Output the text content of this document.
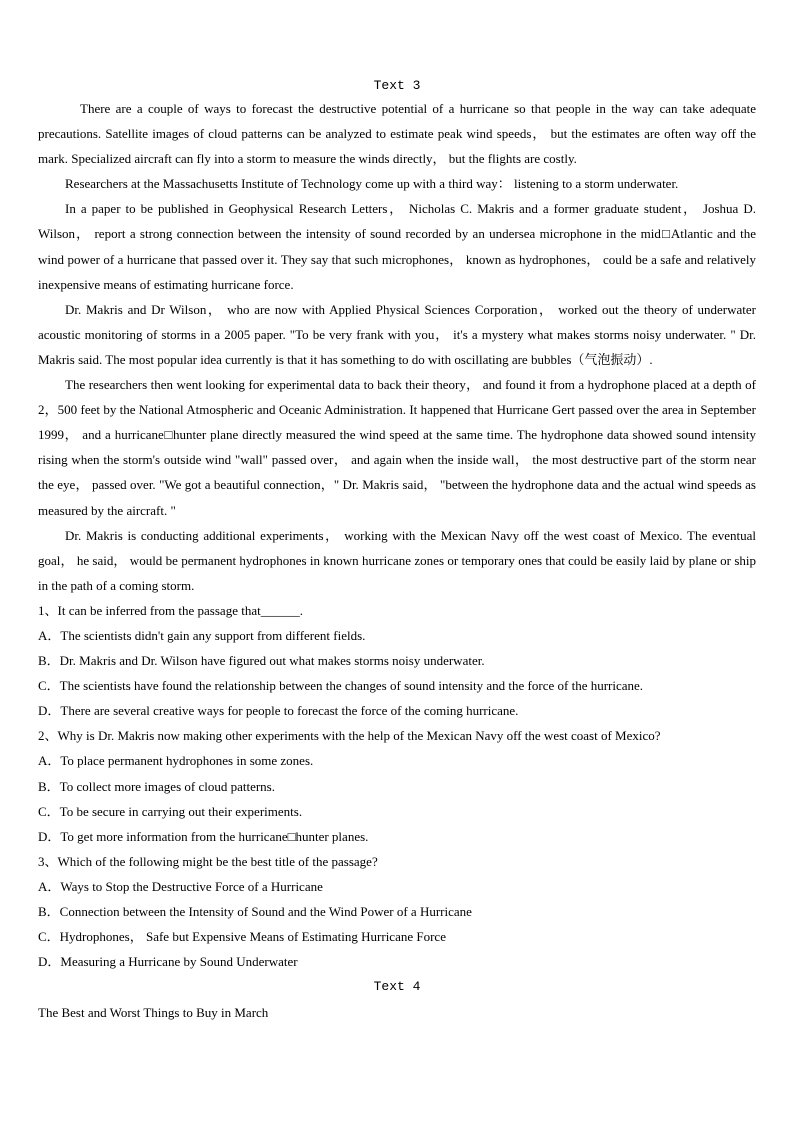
Text 3

There are a couple of ways to forecast the destructive potential of a hurricane so that people in the way can take adequate precautions. Satellite images of cloud patterns can be analyzed to estimate peak wind speeds， but the estimates are often way off the mark. Specialized aircraft can fly into a storm to measure the winds directly， but the flights are costly.

Researchers at the Massachusetts Institute of Technology come up with a third way： listening to a storm underwater.

In a paper to be published in Geophysical Research Letters， Nicholas C. Makris and a former graduate student， Joshua D. Wilson， report a strong connection between the intensity of sound recorded by an undersea microphone in the mid□Atlantic and the wind power of a hurricane that passed over it. They say that such microphones， known as hydrophones， could be a safe and relatively inexpensive means of estimating hurricane force.

Dr. Makris and Dr Wilson， who are now with Applied Physical Sciences Corporation， worked out the theory of underwater acoustic monitoring of storms in a 2005 paper. "To be very frank with you， it's a mystery what makes storms noisy underwater. " Dr. Makris said. The most popular idea currently is that it has something to do with oscillating are bubbles（气泡振动）.

The researchers then went looking for experimental data to back their theory， and found it from a hydrophone placed at a depth of 2，500 feet by the National Atmospheric and Oceanic Administration. It happened that Hurricane Gert passed over the area in September 1999， and a hurricane□hunter plane directly measured the wind speed at the same time. The hydrophone data showed sound intensity rising when the storm's outside wind "wall" passed over， and again when the inside wall， the most destructive part of the storm near the eye， passed over. "We got a beautiful connection，" Dr. Makris said， "between the hydrophone data and the actual wind speeds as measured by the aircraft. "

Dr. Makris is conducting additional experiments， working with the Mexican Navy off the west coast of Mexico. The eventual goal， he said， would be permanent hydrophones in known hurricane zones or temporary ones that could be easily laid by plane or ship in the path of a coming storm.

1、It can be inferred from the passage that______.

A．The scientists didn't gain any support from different fields.

B．Dr. Makris and Dr. Wilson have figured out what makes storms noisy underwater.

C．The scientists have found the relationship between the changes of sound intensity and the force of the hurricane.

D．There are several creative ways for people to forecast the force of the coming hurricane.

2、Why is Dr. Makris now making other experiments with the help of the Mexican Navy off the west coast of Mexico?

A．To place permanent hydrophones in some zones.

B．To collect more images of cloud patterns.

C．To be secure in carrying out their experiments.

D．To get more information from the hurricane□hunter planes.

3、Which of the following might be the best title of the passage?

A．Ways to Stop the Destructive Force of a Hurricane

B．Connection between the Intensity of Sound and the Wind Power of a Hurricane

C．Hydrophones， Safe but Expensive Means of Estimating Hurricane Force

D．Measuring a Hurricane by Sound Underwater

Text 4

The Best and Worst Things to Buy in March
